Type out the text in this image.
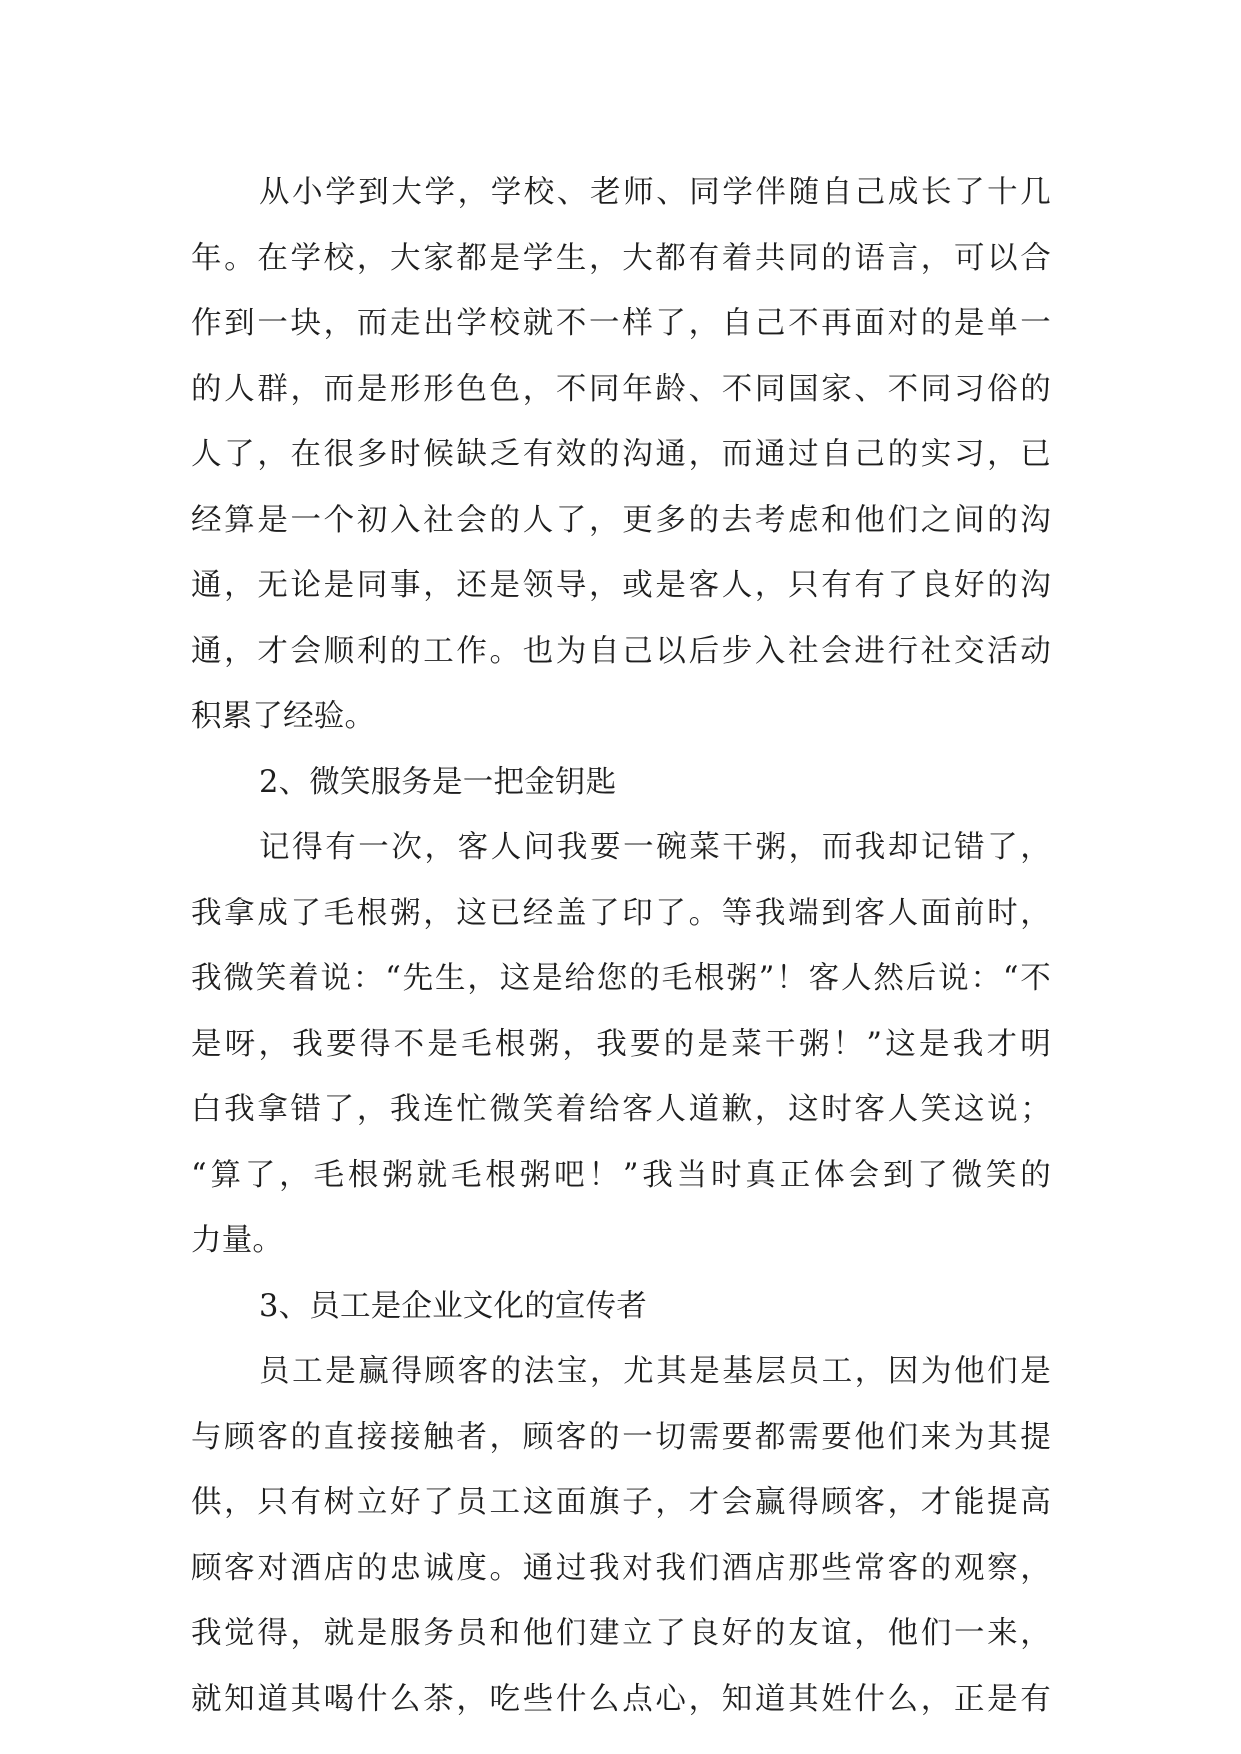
从小学到大学，学校、老师、同学伴随自己成长了十几
年。在学校，大家都是学生，大都有着共同的语言，可以合
作到一块，而走出学校就不一样了，自己不再面对的是单一
的人群，而是形形色色，不同年龄、不同国家、不同习俗的
人了，在很多时候缺乏有效的沟通，而通过自己的实习，已
经算是一个初入社会的人了，更多的去考虑和他们之间的沟
通，无论是同事，还是领导，或是客人，只有有了良好的沟
通，才会顺利的工作。也为自己以后步入社会进行社交活动
积累了经验。
2、微笑服务是一把金钥匙
记得有一次，客人问我要一碗菜干粥，而我却记错了，
我拿成了毛根粥，这已经盖了印了。等我端到客人面前时，
我微笑着说：“先生，这是给您的毛根粥”！客人然后说：“不
是呀，我要得不是毛根粥，我要的是菜干粥！”这是我才明
白我拿错了，我连忙微笑着给客人道歉，这时客人笑这说；
“算了，毛根粥就毛根粥吧！”我当时真正体会到了微笑的
力量。
3、员工是企业文化的宣传者
员工是赢得顾客的法宝，尤其是基层员工，因为他们是
与顾客的直接接触者，顾客的一切需要都需要他们来为其提
供，只有树立好了员工这面旗子，才会赢得顾客，才能提高
顾客对酒店的忠诚度。通过我对我们酒店那些常客的观察，
我觉得，就是服务员和他们建立了良好的友谊，他们一来，
就知道其喝什么茶，吃些什么点心，知道其姓什么，正是有
